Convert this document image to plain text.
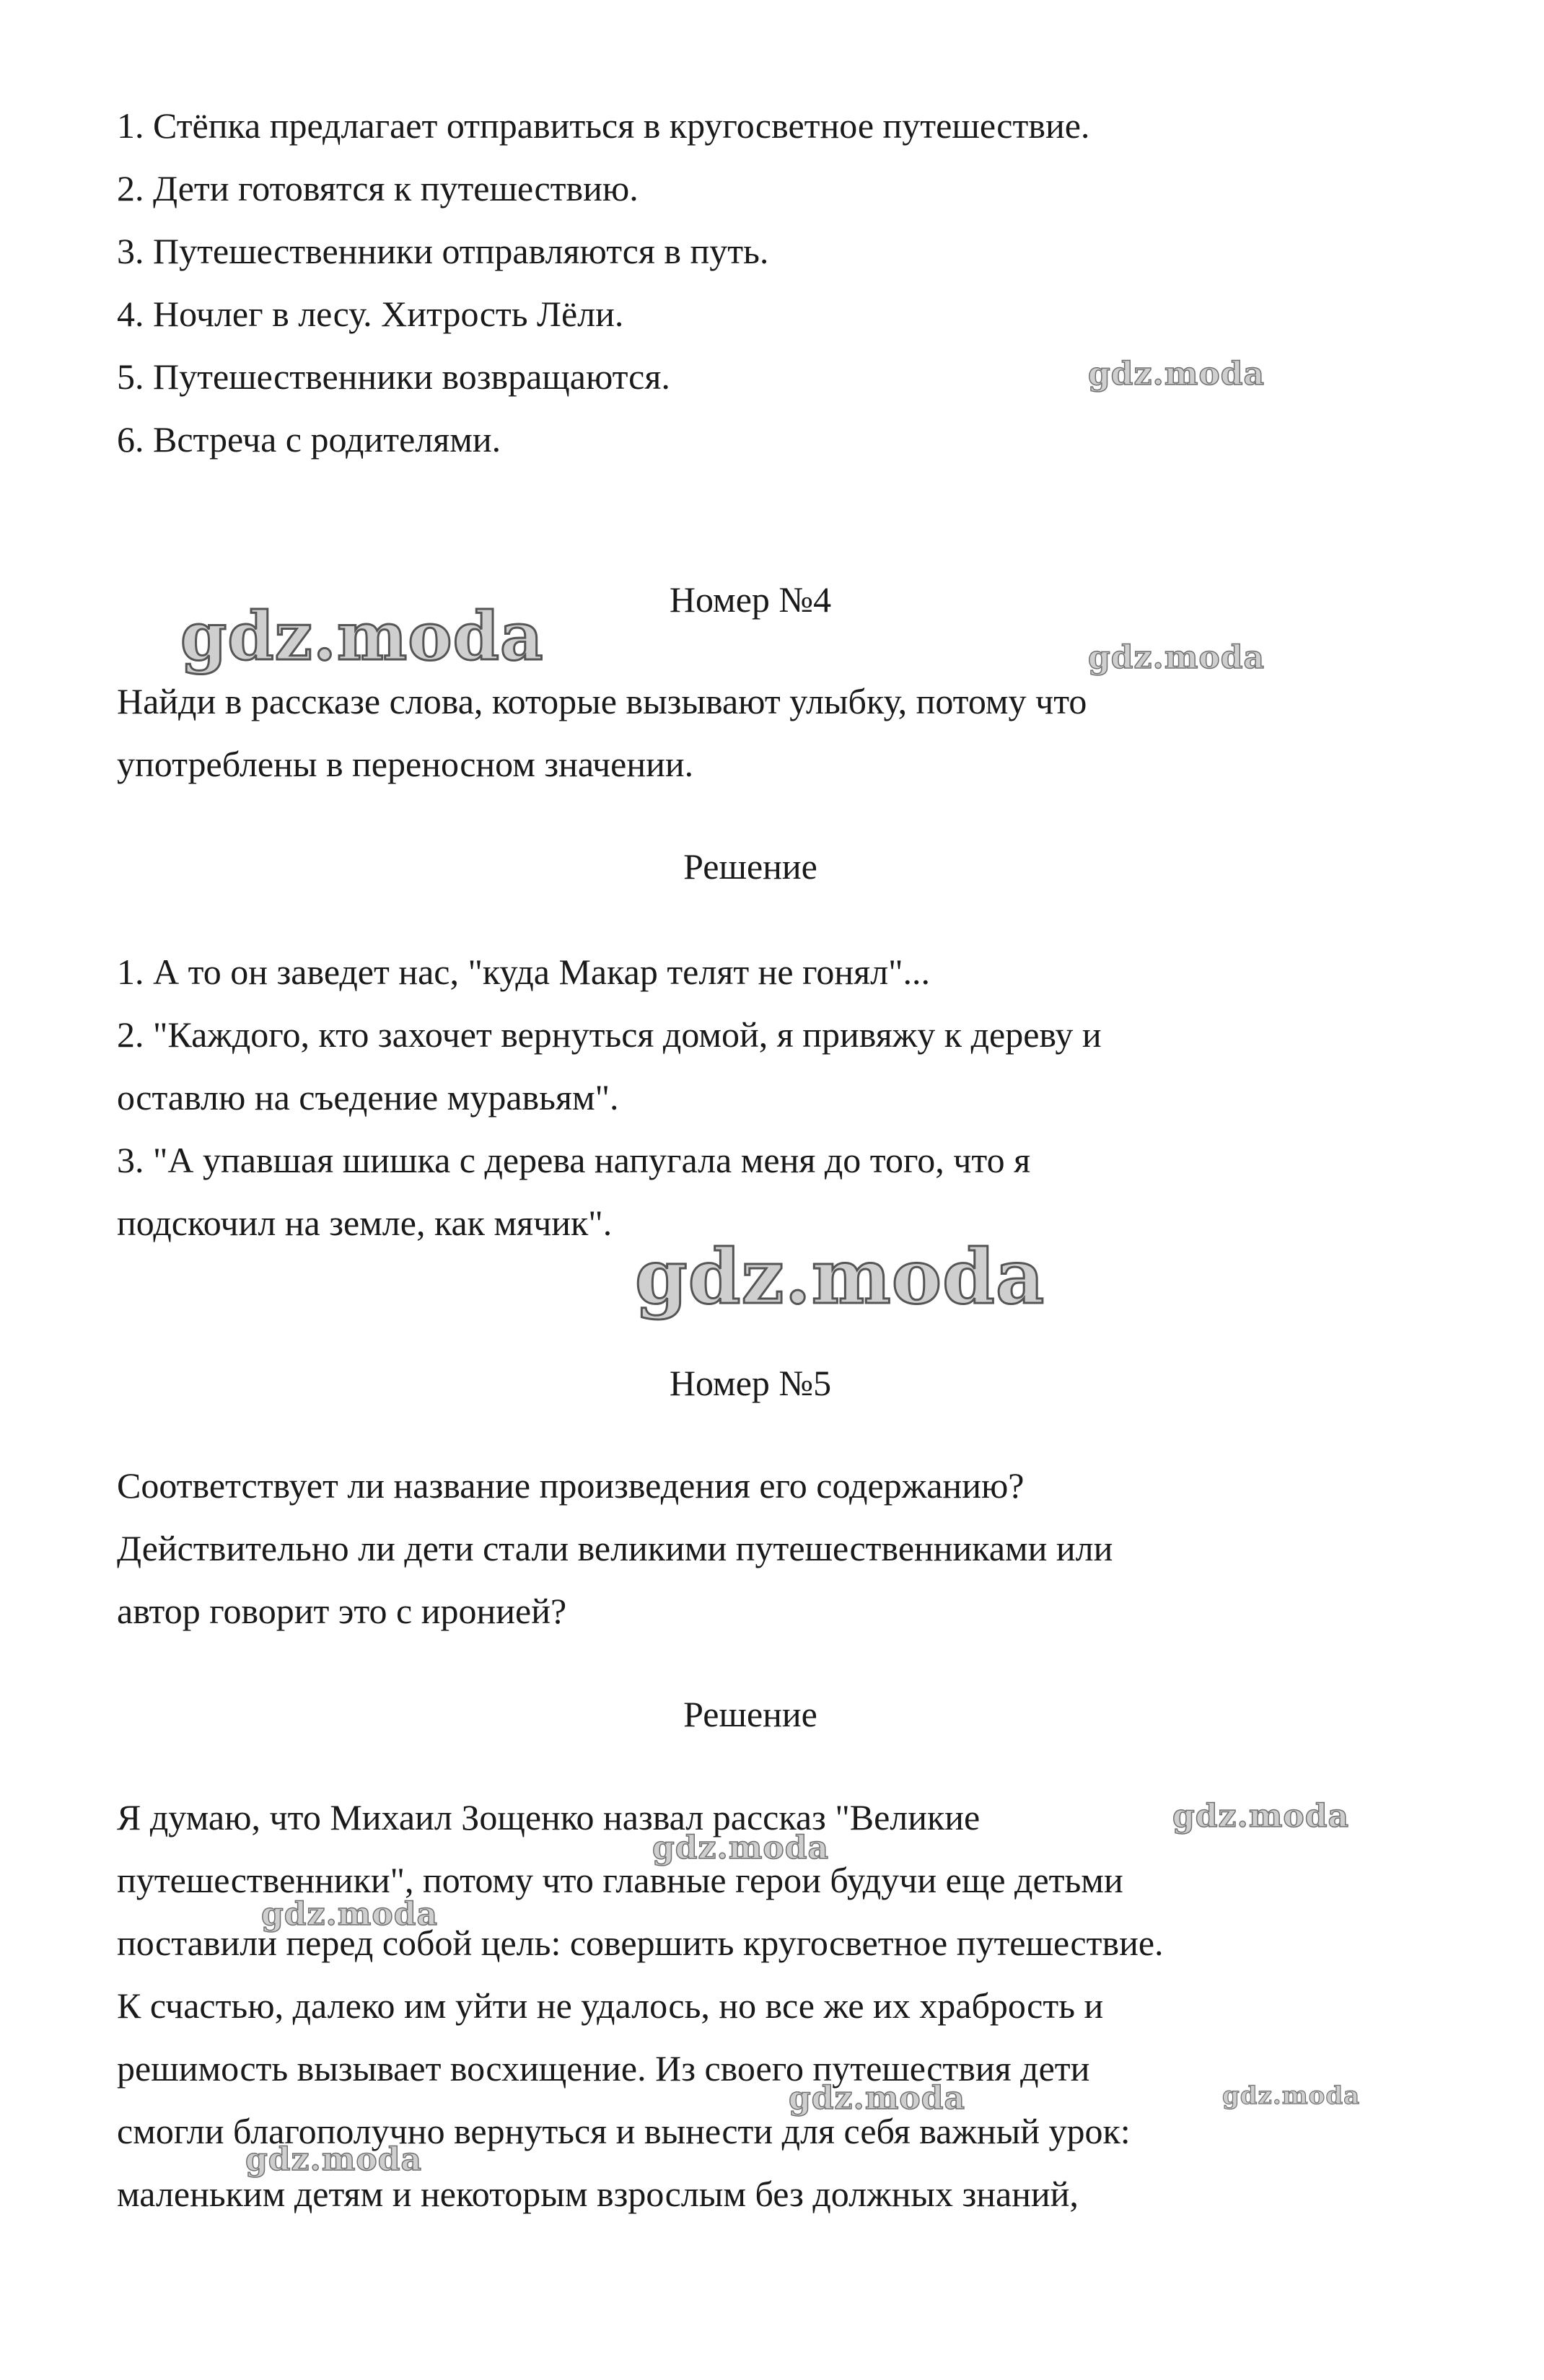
1. Стёпка предлагает отправиться в кругосветное путешествие.
2. Дети готовятся к путешествию.
3. Путешественники отправляются в путь.
4. Ночлег в лесу. Хитрость Лёли.
5. Путешественники возвращаются.
6. Встреча с родителями.
Номер №4
Найди в рассказе слова, которые вызывают улыбку, потому что
употреблены в переносном значении.
Решение
1. А то он заведет нас, "куда Макар телят не гонял"...
2. "Каждого, кто захочет вернуться домой, я привяжу к дереву и
оставлю на съедение муравьям".
3. "А упавшая шишка с дерева напугала меня до того, что я
подскочил на земле, как мячик".
Номер №5
Соответствует ли название произведения его содержанию?
Действительно ли дети стали великими путешественниками или
автор говорит это с иронией?
Решение
Я думаю, что Михаил Зощенко назвал рассказ "Великие
путешественники", потому что главные герои будучи еще детьми
поставили перед собой цель: совершить кругосветное путешествие.
К счастью, далеко им уйти не удалось, но все же их храбрость и
решимость вызывает восхищение. Из своего путешествия дети
смогли благополучно вернуться и вынести для себя важный урок:
маленьким детям и некоторым взрослым без должных знаний,
gdz.moda
gdz.moda	gdz.moda
gdz.moda
gdz.moda
gdz.moda
gdz.moda
gdz.moda	gdz.moda
gdz.moda
